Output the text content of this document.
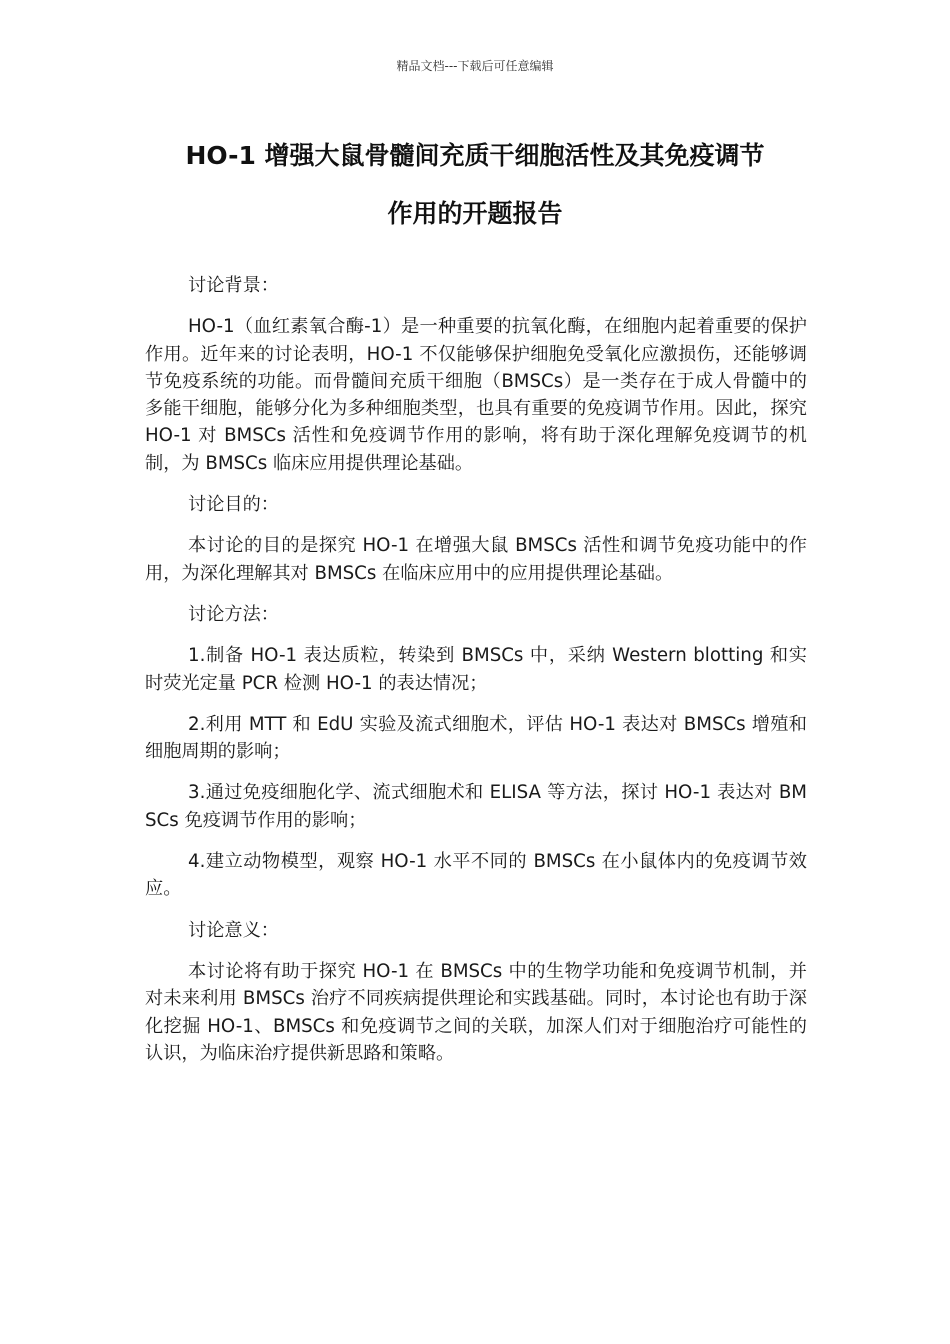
精品文档---下载后可任意编辑
HO-1 增强大鼠骨髓间充质干细胞活性及其免疫调节
作用的开题报告

讨论背景：

HO-1（血红素氧合酶-1）是一种重要的抗氧化酶，在细胞内起着重要的保护作用。近年来的讨论表明，HO-1 不仅能够保护细胞免受氧化应激损伤，还能够调节免疫系统的功能。而骨髓间充质干细胞（BMSCs）是一类存在于成人骨髓中的多能干细胞，能够分化为多种细胞类型，也具有重要的免疫调节作用。因此，探究 HO-1 对 BMSCs 活性和免疫调节作用的影响，将有助于深化理解免疫调节的机制，为 BMSCs 临床应用提供理论基础。

讨论目的：

本讨论的目的是探究 HO-1 在增强大鼠 BMSCs 活性和调节免疫功能中的作用，为深化理解其对 BMSCs 在临床应用中的应用提供理论基础。

讨论方法：

1.制备 HO-1 表达质粒，转染到 BMSCs 中，采纳 Western blotting 和实时荧光定量 PCR 检测 HO-1 的表达情况；

2.利用 MTT 和 EdU 实验及流式细胞术，评估 HO-1 表达对 BMSCs 增殖和细胞周期的影响；

3.通过免疫细胞化学、流式细胞术和 ELISA 等方法，探讨 HO-1 表达对 BMSCs 免疫调节作用的影响；

4.建立动物模型，观察 HO-1 水平不同的 BMSCs 在小鼠体内的免疫调节效应。

讨论意义：

本讨论将有助于探究 HO-1 在 BMSCs 中的生物学功能和免疫调节机制，并对未来利用 BMSCs 治疗不同疾病提供理论和实践基础。同时，本讨论也有助于深化挖掘 HO-1、BMSCs 和免疫调节之间的关联，加深人们对于细胞治疗可能性的认识，为临床治疗提供新思路和策略。
